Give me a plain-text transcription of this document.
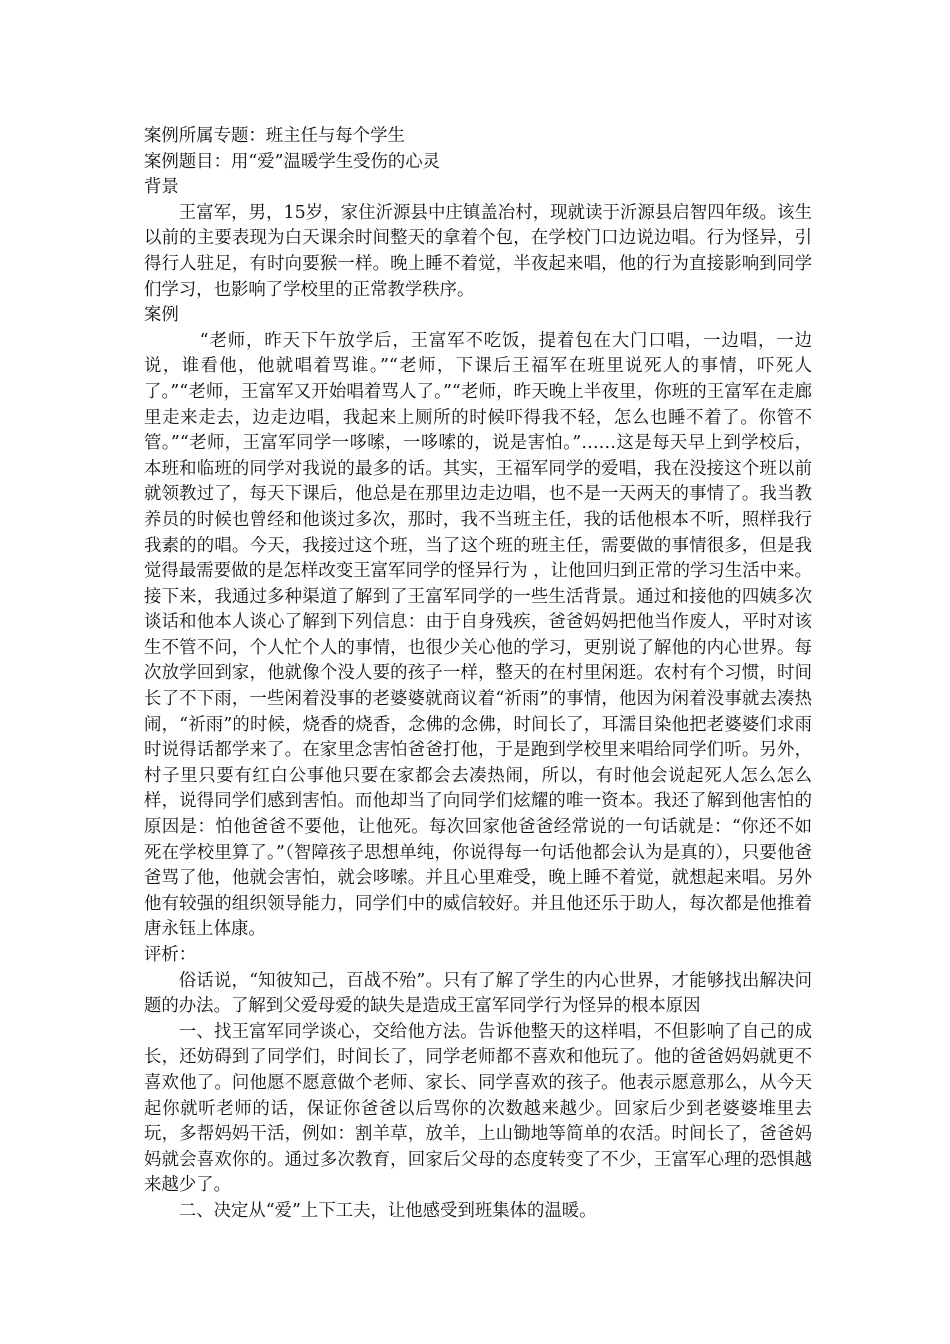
案例所属专题：班主任与每个学生

案例题目：用“爱”温暖学生受伤的心灵

背景

王富军，男，15岁，家住沂源县中庄镇盖冶村，现就读于沂源县启智四年级。该生以前的主要表现为白天课余时间整天的拿着个包，在学校门口边说边唱。行为怪异，引得行人驻足，有时向要猴一样。晚上睡不着觉，半夜起来唱，他的行为直接影响到同学们学习，也影响了学校里的正常教学秩序。

案例

“老师，昨天下午放学后，王富军不吃饭，提着包在大门口唱，一边唱，一边说，谁看他，他就唱着骂谁。”“老师，下课后王福军在班里说死人的事情，吓死人了。”“老师，王富军又开始唱着骂人了。”“老师，昨天晚上半夜里，你班的王富军在走廊里走来走去，边走边唱，我起来上厕所的时候吓得我不轻，怎么也睡不着了。你管不管。”“老师，王富军同学一哆嗦，一哆嗦的，说是害怕。”……这是每天早上到学校后，本班和临班的同学对我说的最多的话。其实，王福军同学的爱唱，我在没接这个班以前就领教过了，每天下课后，他总是在那里边走边唱，也不是一天两天的事情了。我当教养员的时候也曾经和他谈过多次，那时，我不当班主任，我的话他根本不听，照样我行我素的的唱。今天，我接过这个班，当了这个班的班主任，需要做的事情很多，但是我觉得最需要做的是怎样改变王富军同学的怪异行为 ，让他回归到正常的学习生活中来。接下来，我通过多种渠道了解到了王富军同学的一些生活背景。通过和接他的四姨多次谈话和他本人谈心了解到下列信息：由于自身残疾，爸爸妈妈把他当作废人，平时对该生不管不问，个人忙个人的事情，也很少关心他的学习，更别说了解他的内心世界。每次放学回到家，他就像个没人要的孩子一样，整天的在村里闲逛。农村有个习惯，时间长了不下雨，一些闲着没事的老婆婆就商议着“祈雨”的事情，他因为闲着没事就去凑热闹，“祈雨”的时候，烧香的烧香，念佛的念佛，时间长了，耳濡目染他把老婆婆们求雨时说得话都学来了。在家里念害怕爸爸打他，于是跑到学校里来唱给同学们听。另外，村子里只要有红白公事他只要在家都会去凑热闹，所以，有时他会说起死人怎么怎么样，说得同学们感到害怕。而他却当了向同学们炫耀的唯一资本。我还了解到他害怕的原因是：怕他爸爸不要他，让他死。每次回家他爸爸经常说的一句话就是：“你还不如死在学校里算了。”（智障孩子思想单纯，你说得每一句话他都会认为是真的），只要他爸爸骂了他，他就会害怕，就会哆嗦。并且心里难受，晚上睡不着觉，就想起来唱。另外他有较强的组织领导能力，同学们中的威信较好。并且他还乐于助人，每次都是他推着唐永钰上体康。

评析：

俗话说，“知彼知己，百战不殆”。只有了解了学生的内心世界，才能够找出解决问题的办法。了解到父爱母爱的缺失是造成王富军同学行为怪异的根本原因

一、找王富军同学谈心，交给他方法。告诉他整天的这样唱，不但影响了自己的成长，还妨碍到了同学们，时间长了，同学老师都不喜欢和他玩了。他的爸爸妈妈就更不喜欢他了。问他愿不愿意做个老师、家长、同学喜欢的孩子。他表示愿意那么，从今天起你就听老师的话，保证你爸爸以后骂你的次数越来越少。回家后少到老婆婆堆里去玩，多帮妈妈干活，例如：割羊草，放羊，上山锄地等简单的农活。时间长了，爸爸妈妈就会喜欢你的。通过多次教育，回家后父母的态度转变了不少，王富军心理的恐惧越来越少了。

二、决定从“爱”上下工夫，让他感受到班集体的温暖。
